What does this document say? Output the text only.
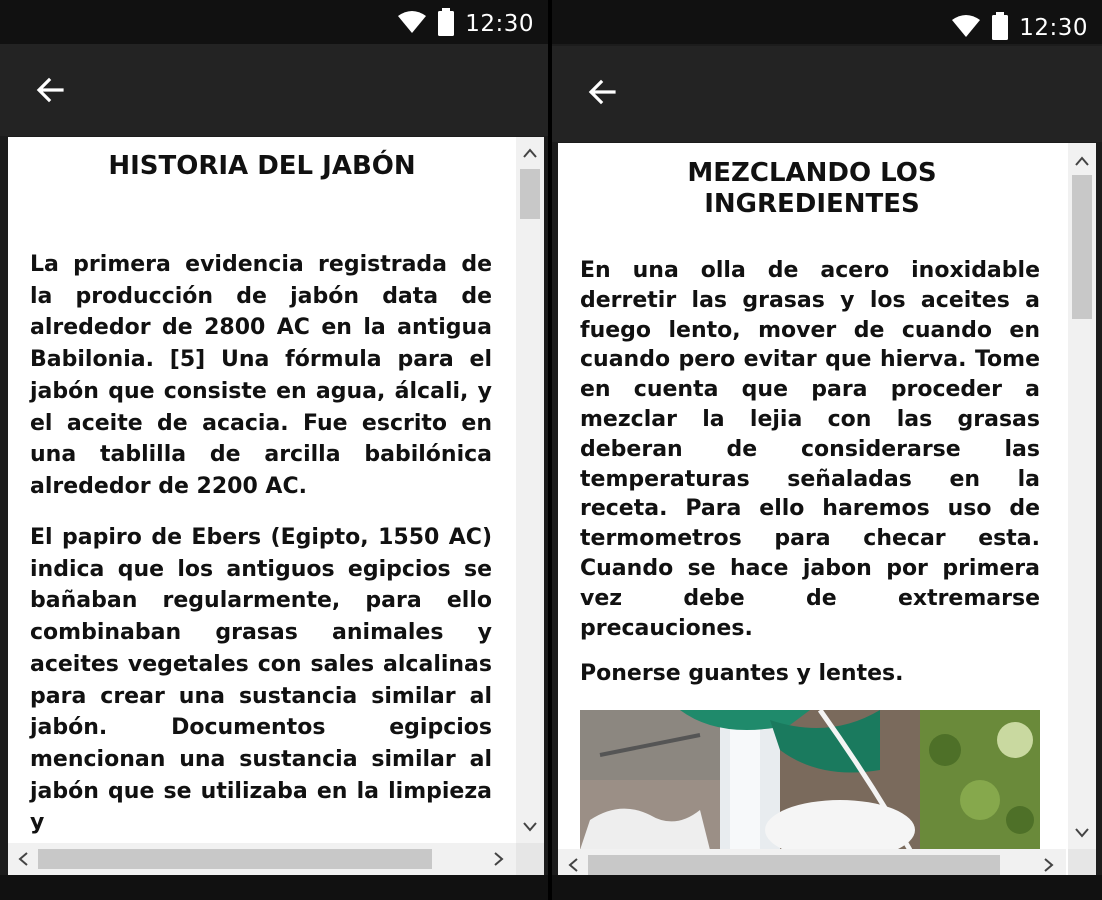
12:30
HISTORIA DEL JABÓN

La primera evidencia registrada de la producción de jabón data de alrededor de 2800 AC en la antigua Babilonia. [5] Una fórmula para el jabón que consiste en agua, álcali, y el aceite de acacia. Fue escrito en una tablilla de arcilla babilónica alrededor de 2200 AC.

El papiro de Ebers (Egipto, 1550 AC) indica que los antiguos egipcios se bañaban regularmente, para ello combinaban grasas animales y aceites vegetales con sales alcalinas para crear una sustancia similar al jabón. Documentos egipcios mencionan una sustancia similar al jabón que se utilizaba en la limpieza y

12:30
MEZCLANDO LOS INGREDIENTES

En una olla de acero inoxidable derretir las grasas y los aceites a fuego lento, mover de cuando en cuando pero evitar que hierva. Tome en cuenta que para proceder a mezclar la lejia con las grasas deberan de considerarse las temperaturas señaladas en la receta. Para ello haremos uso de termometros para checar esta. Cuando se hace jabon por primera vez debe de extremarse precauciones.

Ponerse guantes y lentes.
